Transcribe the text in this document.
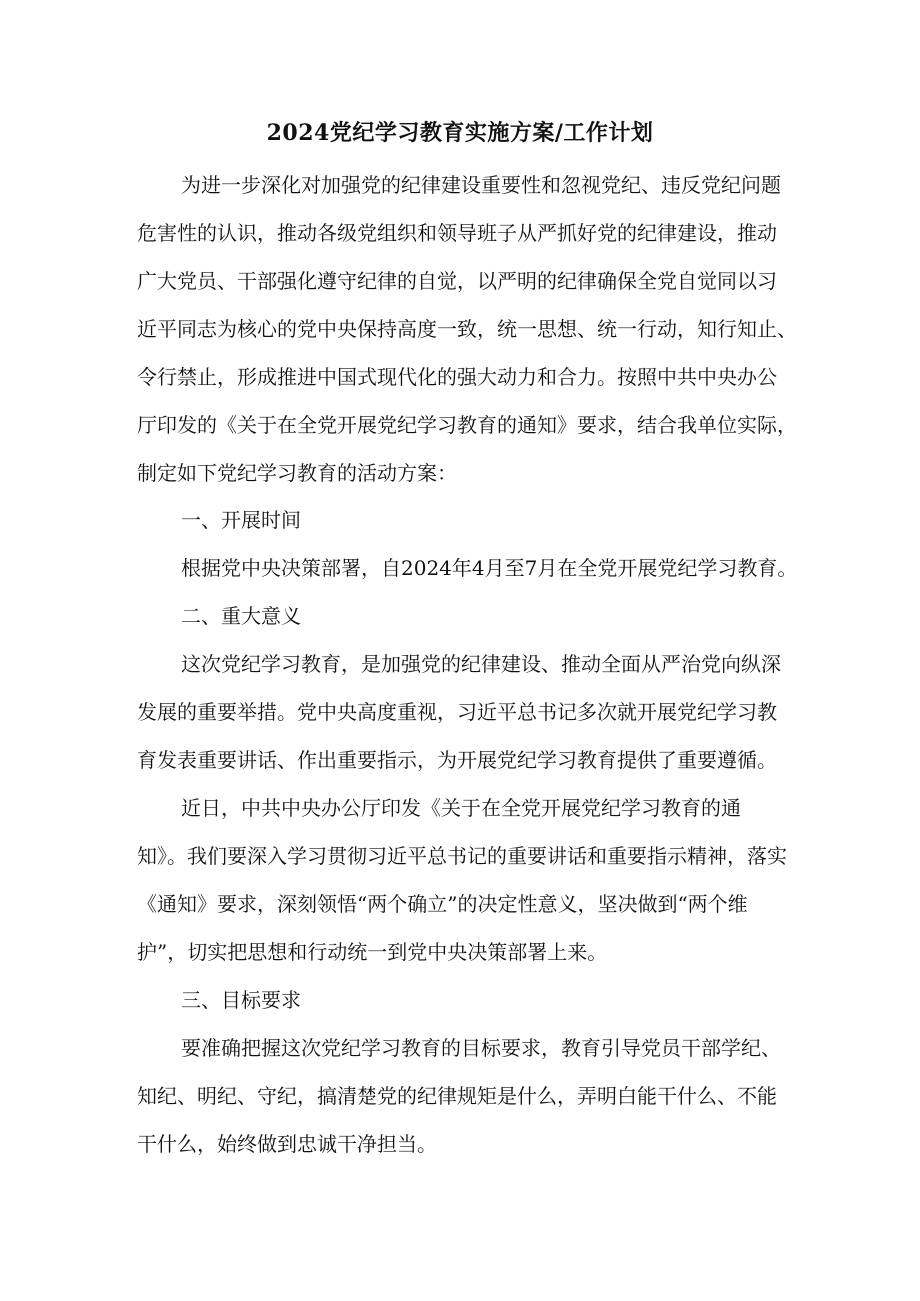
2024党纪学习教育实施方案/工作计划
为进一步深化对加强党的纪律建设重要性和忽视党纪、违反党纪问题
危害性的认识，推动各级党组织和领导班子从严抓好党的纪律建设，推动
广大党员、干部强化遵守纪律的自觉，以严明的纪律确保全党自觉同以习
近平同志为核心的党中央保持高度一致，统一思想、统一行动，知行知止、
令行禁止，形成推进中国式现代化的强大动力和合力。按照中共中央办公
厅印发的《关于在全党开展党纪学习教育的通知》要求，结合我单位实际，
制定如下党纪学习教育的活动方案：
一、开展时间
根据党中央决策部署，自2024年4月至7月在全党开展党纪学习教育。
二、重大意义
这次党纪学习教育，是加强党的纪律建设、推动全面从严治党向纵深
发展的重要举措。党中央高度重视，习近平总书记多次就开展党纪学习教
育发表重要讲话、作出重要指示，为开展党纪学习教育提供了重要遵循。
近日，中共中央办公厅印发《关于在全党开展党纪学习教育的通
知》。我们要深入学习贯彻习近平总书记的重要讲话和重要指示精神，落实
《通知》要求，深刻领悟“两个确立”的决定性意义，坚决做到“两个维
护”，切实把思想和行动统一到党中央决策部署上来。
三、目标要求
要准确把握这次党纪学习教育的目标要求，教育引导党员干部学纪、
知纪、明纪、守纪，搞清楚党的纪律规矩是什么，弄明白能干什么、不能
干什么，始终做到忠诚干净担当。
